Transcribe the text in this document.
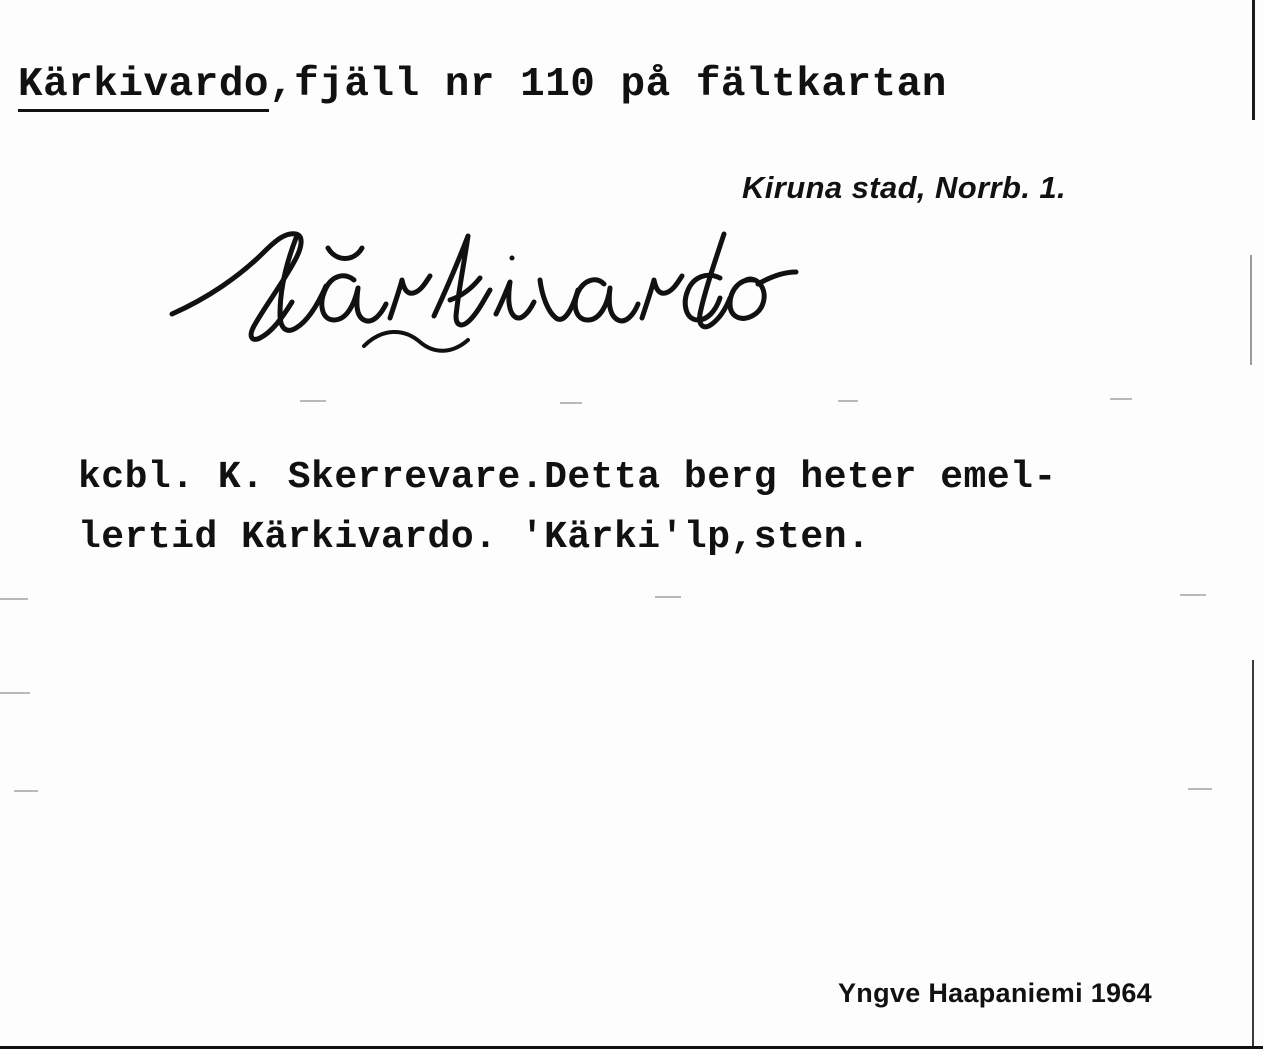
Kärkivardo,fjäll nr 110 på fältkartan
Kiruna stad, Norrb. 1.
kcbl. K. Skerrevare.Detta berg heter emel-
lertid Kärkivardo. ′Kärki′lp,sten.
Yngve Haapaniemi 1964
